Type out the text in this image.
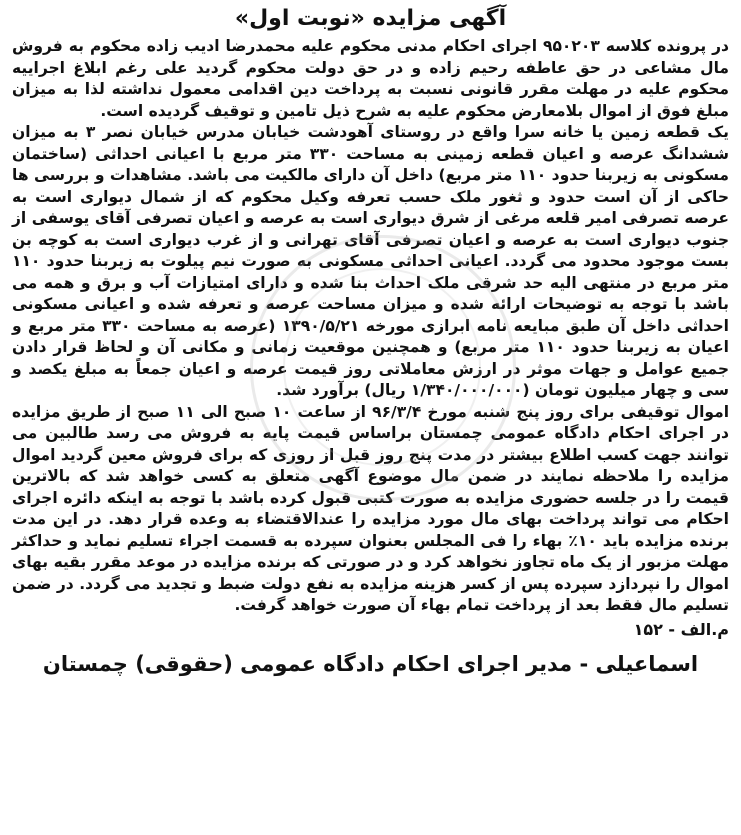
آگهی مزایده «نوبت اول»

در پرونده کلاسه ۹۵۰۲۰۳ اجرای احکام مدنی محکوم علیه محمدرضا ادیب زاده محکوم به فروش مال مشاعی در حق عاطفه رحیم زاده و در حق دولت محکوم گردید علی رغم ابلاغ اجراییه محکوم علیه در مهلت مقرر قانونی نسبت به پرداخت دین اقدامی معمول نداشته لذا به میزان مبلغ فوق از اموال بلامعارض محکوم علیه به شرح ذیل تامین و توقیف گردیده است.

یک قطعه زمین یا خانه سرا واقع در روستای آهودشت خیابان مدرس خیابان نصر ۳ به میزان ششدانگ عرصه و اعیان قطعه زمینی به مساحت ۳۳۰ متر مربع با اعیانی احداثی (ساختمان مسکونی به زیربنا حدود ۱۱۰ متر مربع) داخل آن دارای مالکیت می باشد. مشاهدات و بررسی ها حاکی از آن است حدود و ثغور ملک حسب تعرفه وکیل محکوم که از شمال دیواری است به عرصه تصرفی امیر قلعه مرغی از شرق دیواری است به عرصه و اعیان تصرفی آقای یوسفی از جنوب دیواری است به عرصه و اعیان تصرفی آقای تهرانی و از غرب دیواری است به کوچه بن بست موجود محدود می گردد. اعیانی احداثی مسکونی به صورت نیم پیلوت به زیربنا حدود ۱۱۰ متر مربع در منتهی الیه حد شرقی ملک احداث بنا شده و دارای امتیازات آب و برق و همه می باشد با توجه به توضیحات ارائه شده و میزان مساحت عرصه و تعرفه شده و اعیانی مسکونی احداثی داخل آن طبق مبایعه نامه ابرازی مورخه ۱۳۹۰/۵/۲۱ (عرصه به مساحت ۳۳۰ متر مربع و اعیان به زیربنا حدود ۱۱۰ متر مربع) و همچنین موقعیت زمانی و مکانی آن و لحاظ قرار دادن جمیع عوامل و جهات موثر در ارزش معاملاتی روز قیمت عرصه و اعیان جمعاً به مبلغ یکصد و سی و چهار میلیون تومان (۱/۳۴۰/۰۰۰/۰۰۰ ریال) برآورد شد.

اموال توقیفی برای روز پنج شنبه مورخ ۹۶/۳/۴ از ساعت ۱۰ صبح الی ۱۱ صبح از طریق مزایده در اجرای احکام دادگاه عمومی چمستان براساس قیمت پایه به فروش می رسد طالبین می توانند جهت کسب اطلاع بیشتر در مدت پنج روز قبل از روزی که برای فروش معین گردید اموال مزایده را ملاحظه نمایند در ضمن مال موضوع آگهی متعلق به کسی خواهد شد که بالاترین قیمت را در جلسه حضوری مزایده به صورت کتبی قبول کرده باشد با توجه به اینکه دائره اجرای احکام می تواند پرداخت بهای مال مورد مزایده را عندالاقتضاء به وعده قرار دهد. در این مدت برنده مزایده باید ۱۰٪ بهاء را فی المجلس بعنوان سپرده به قسمت اجراء تسلیم نماید و حداکثر مهلت مزبور از یک ماه تجاوز نخواهد کرد و در صورتی که برنده مزایده در موعد مقرر بقیه بهای اموال را نپردازد سپرده پس از کسر هزینه مزایده به نفع دولت ضبط و تجدید می گردد. در ضمن تسلیم مال فقط بعد از پرداخت تمام بهاء آن صورت خواهد گرفت.

م.الف - ۱۵۲
اسماعیلی - مدیر اجرای احکام دادگاه عمومی (حقوقی) چمستان
